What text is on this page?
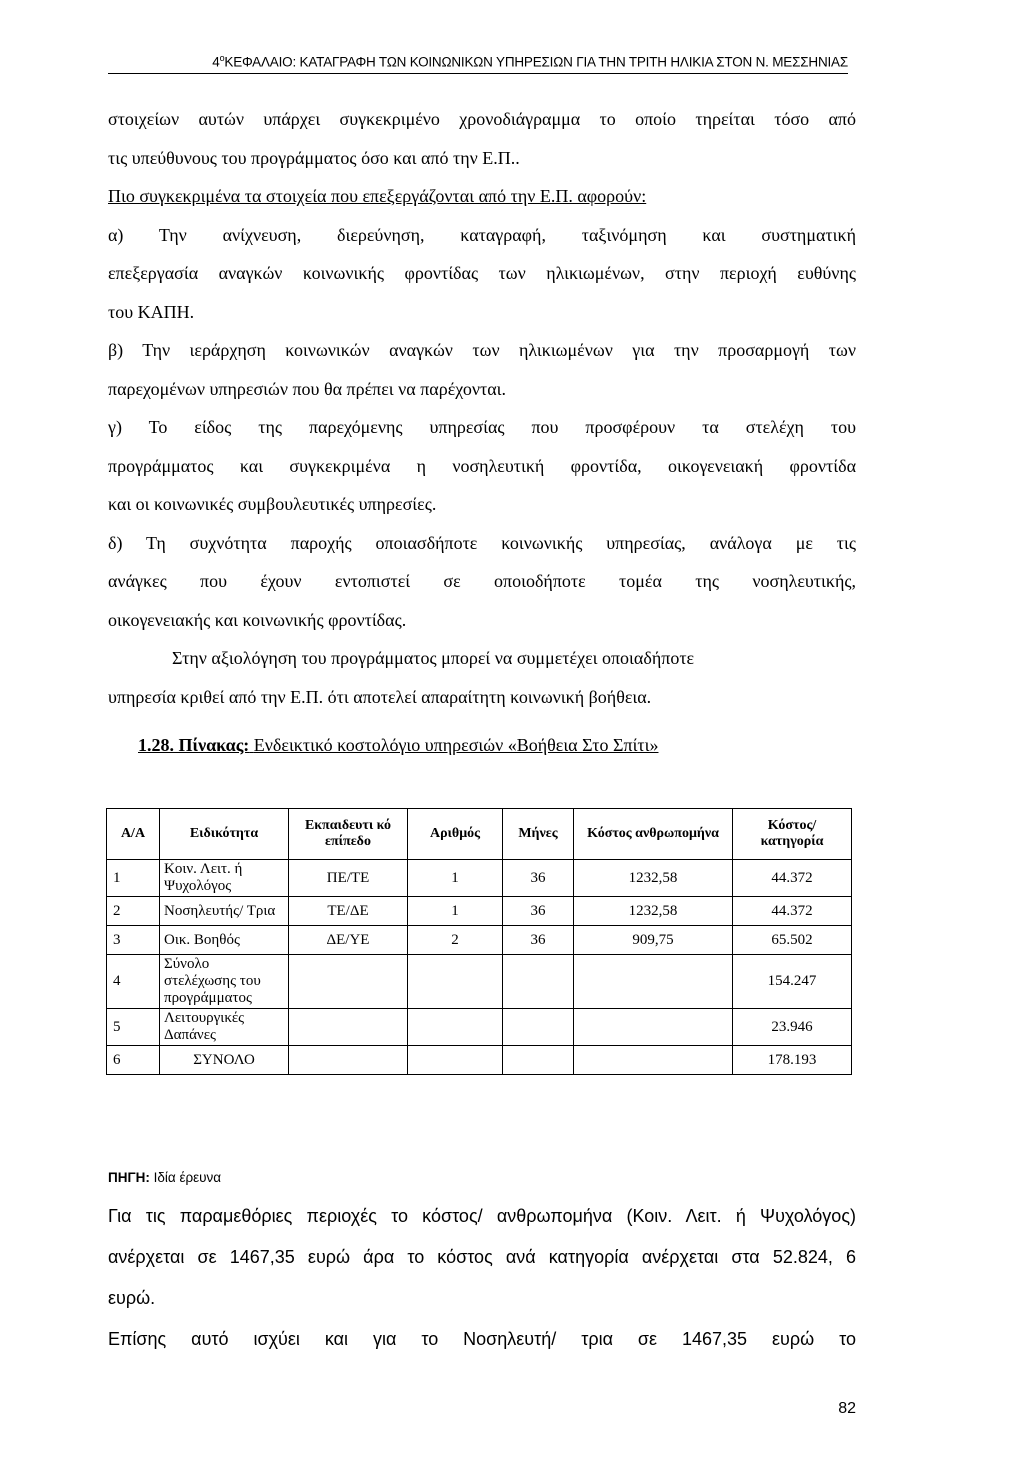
$4^oKE\Phi A\Lambda AIO$: ΚΑΤΑΓΡΑΦΗ ΤΩΝ ΚΟΙΝΩΝΙΚΩΝ ΥΠΗΡΕΣΙΩΝ ΓΙΑ ΤΗΝ ΤΡΙΤΗ ΗΛΙΚΙΑ ΣΤΟΝ Ν. ΜΕΣΣΗΝΙΑΣ
στοιχείων αυτών υπάρχει συγκεκριμένο χρονοδιάγραμμα το οποίο τηρείται τόσο από
τις υπεύθυνους του προγράμματος όσο και από την Ε.Π..
Πιο συγκεκριμένα τα στοιχεία που επεξεργάζονται από την Ε.Π. αφορούν:
α) Την ανίχνευση, διερεύνηση, καταγραφή, ταξινόμηση και συστηματική
επεξεργασία αναγκών κοινωνικής φροντίδας των ηλικιωμένων, στην περιοχή ευθύνης
του ΚΑΠΗ.
β) Την ιεράρχηση κοινωνικών αναγκών των ηλικιωμένων για την προσαρμογή των
παρεχομένων υπηρεσιών που θα πρέπει να παρέχονται.
γ) Το είδος της παρεχόμενης υπηρεσίας που προσφέρουν τα στελέχη του
προγράμματος και συγκεκριμένα η νοσηλευτική φροντίδα, οικογενειακή φροντίδα
και οι κοινωνικές συμβουλευτικές υπηρεσίες.
δ) Τη συχνότητα παροχής οποιασδήποτε κοινωνικής υπηρεσίας, ανάλογα με τις
ανάγκες που έχουν εντοπιστεί σε οποιοδήποτε τομέα της νοσηλευτικής,
οικογενειακής και κοινωνικής φροντίδας.
Στην αξιολόγηση του προγράμματος μπορεί να συμμετέχει οποιαδήποτε
υπηρεσία κριθεί από την Ε.Π. ότι αποτελεί απαραίτητη κοινωνική βοήθεια.
1.28. Πίνακας: Ενδεικτικό κοστολόγιο υπηρεσιών «Βοήθεια Στο Σπίτι»
Α/Α	Ειδικότητα	Εκπαιδευτι κό επίπεδο	Αριθμός	Μήνες	Κόστος ανθρωπομήνα	Κόστος/ κατηγορία
1	Κοιν. Λειτ. ή Ψυχολόγος	ΠΕ/ΤΕ	1	36	1232,58	44.372
2	Νοσηλευτής/ Τρια	ΤΕ/ΔΕ	1	36	1232,58	44.372
3	Οικ. Βοηθός	ΔΕ/ΥΕ	2	36	909,75	65.502
4	Σύνολο στελέχωσης του προγράμματος					154.247
5	Λειτουργικές Δαπάνες					23.946
6	ΣΥΝΟΛΟ					178.193
ΠΗΓΗ: Ιδία έρευνα
Για τις παραμεθόριες περιοχές το κόστος/ ανθρωπομήνα (Κοιν. Λειτ. ή Ψυχολόγος)
ανέρχεται σε 1467,35 ευρώ άρα το κόστος ανά κατηγορία ανέρχεται στα 52.824, 6
ευρώ.
Επίσης αυτό ισχύει και για το Νοσηλευτή/ τρια σε 1467,35 ευρώ το
82
